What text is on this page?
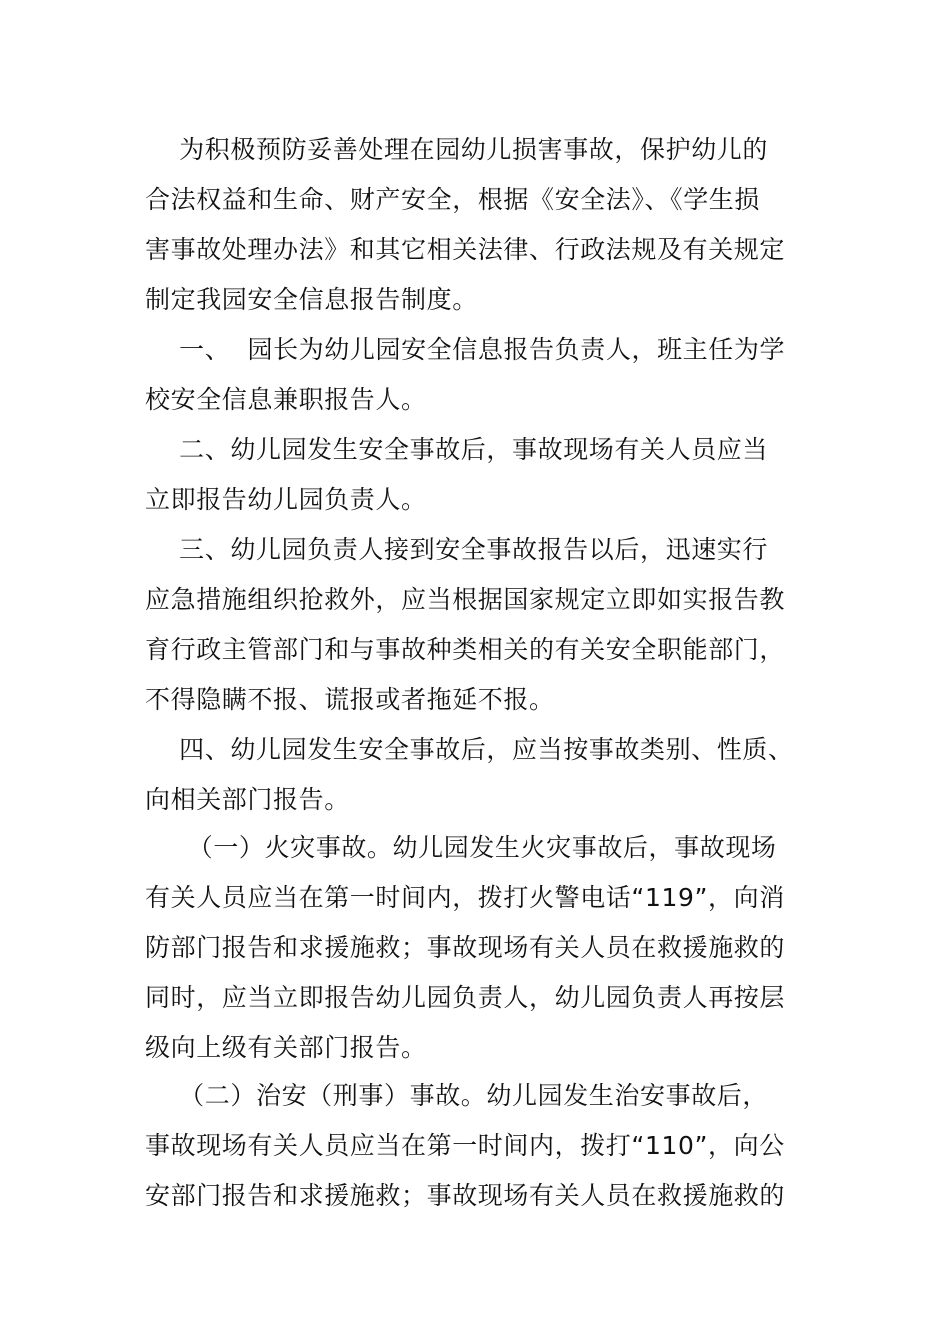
为积极预防妥善处理在园幼儿损害事故，保护幼儿的
合法权益和生命、财产安全，根据《安全法》、《学生损
害事故处理办法》和其它相关法律、行政法规及有关规定
制定我园安全信息报告制度。
一、  园长为幼儿园安全信息报告负责人，班主任为学
校安全信息兼职报告人。
二、幼儿园发生安全事故后，事故现场有关人员应当
立即报告幼儿园负责人。
三、幼儿园负责人接到安全事故报告以后，迅速实行
应急措施组织抢救外，应当根据国家规定立即如实报告教
育行政主管部门和与事故种类相关的有关安全职能部门，
不得隐瞒不报、谎报或者拖延不报。
四、幼儿园发生安全事故后，应当按事故类别、性质、
向相关部门报告。
（一）火灾事故。幼儿园发生火灾事故后，事故现场
有关人员应当在第一时间内，拨打火警电话“119”，向消
防部门报告和求援施救；事故现场有关人员在救援施救的
同时，应当立即报告幼儿园负责人，幼儿园负责人再按层
级向上级有关部门报告。
（二）治安（刑事）事故。幼儿园发生治安事故后，
事故现场有关人员应当在第一时间内，拨打“110”，向公
安部门报告和求援施救；事故现场有关人员在救援施救的
